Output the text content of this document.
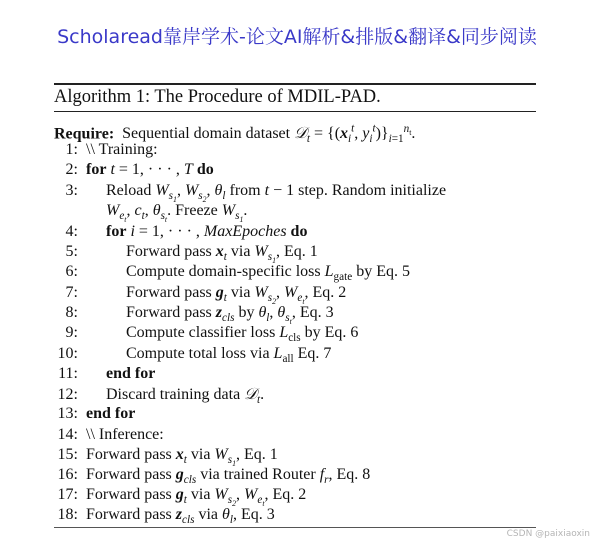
Scholaread靠岸学术-论文AI解析&排版&翻译&同步阅读
Algorithm 1: The Procedure of MDIL-PAD.
Require:  Sequential domain dataset 𝒟$_t$ = {($x_i^t$, $y_i^t)\}_{i=1}^{n_t}$.
1: \\ Training:
2: for t = 1, · · · , T do
3: Reload $W_{s_1}$, $W_{s_2}$, $\theta_l$ from t − 1 step. Random initialize
$W_{e_t}$, $c_t$, $\theta_{s_t}$. Freeze $W_{s_1}$.
4: for i = 1, · · · , MaxEpoches do
5:	Forward pass $x_t$ via $W_{s_1}$, Eq. 1
6:	Compute domain-specific loss $L_{gate}$ by Eq. 5
7:	Forward pass $g_t$ via $W_{s_2}$, $W_{e_t}$, Eq. 2
8:	Forward pass $z_{cls}$ by $\theta_l$, $\theta_{s_t}$, Eq. 3
9:	Compute classifier loss $L_{cls}$ by Eq. 6
10:	Compute total loss via $L_{all}$ Eq. 7
11: end for
12: Discard training data 𝒟$_t$.
13: end for
14: \\ Inference:
15: Forward pass $x_t$ via $W_{s_1}$, Eq. 1
16: Forward pass $g_{cls}$ via trained Router $f_r$, Eq. 8
17: Forward pass $g_t$ via $W_{s_2}$, $W_{e_t}$, Eq. 2
18: Forward pass $z_{cls}$ via $\theta_l$, Eq. 3
CSDN @paixiaoxin
